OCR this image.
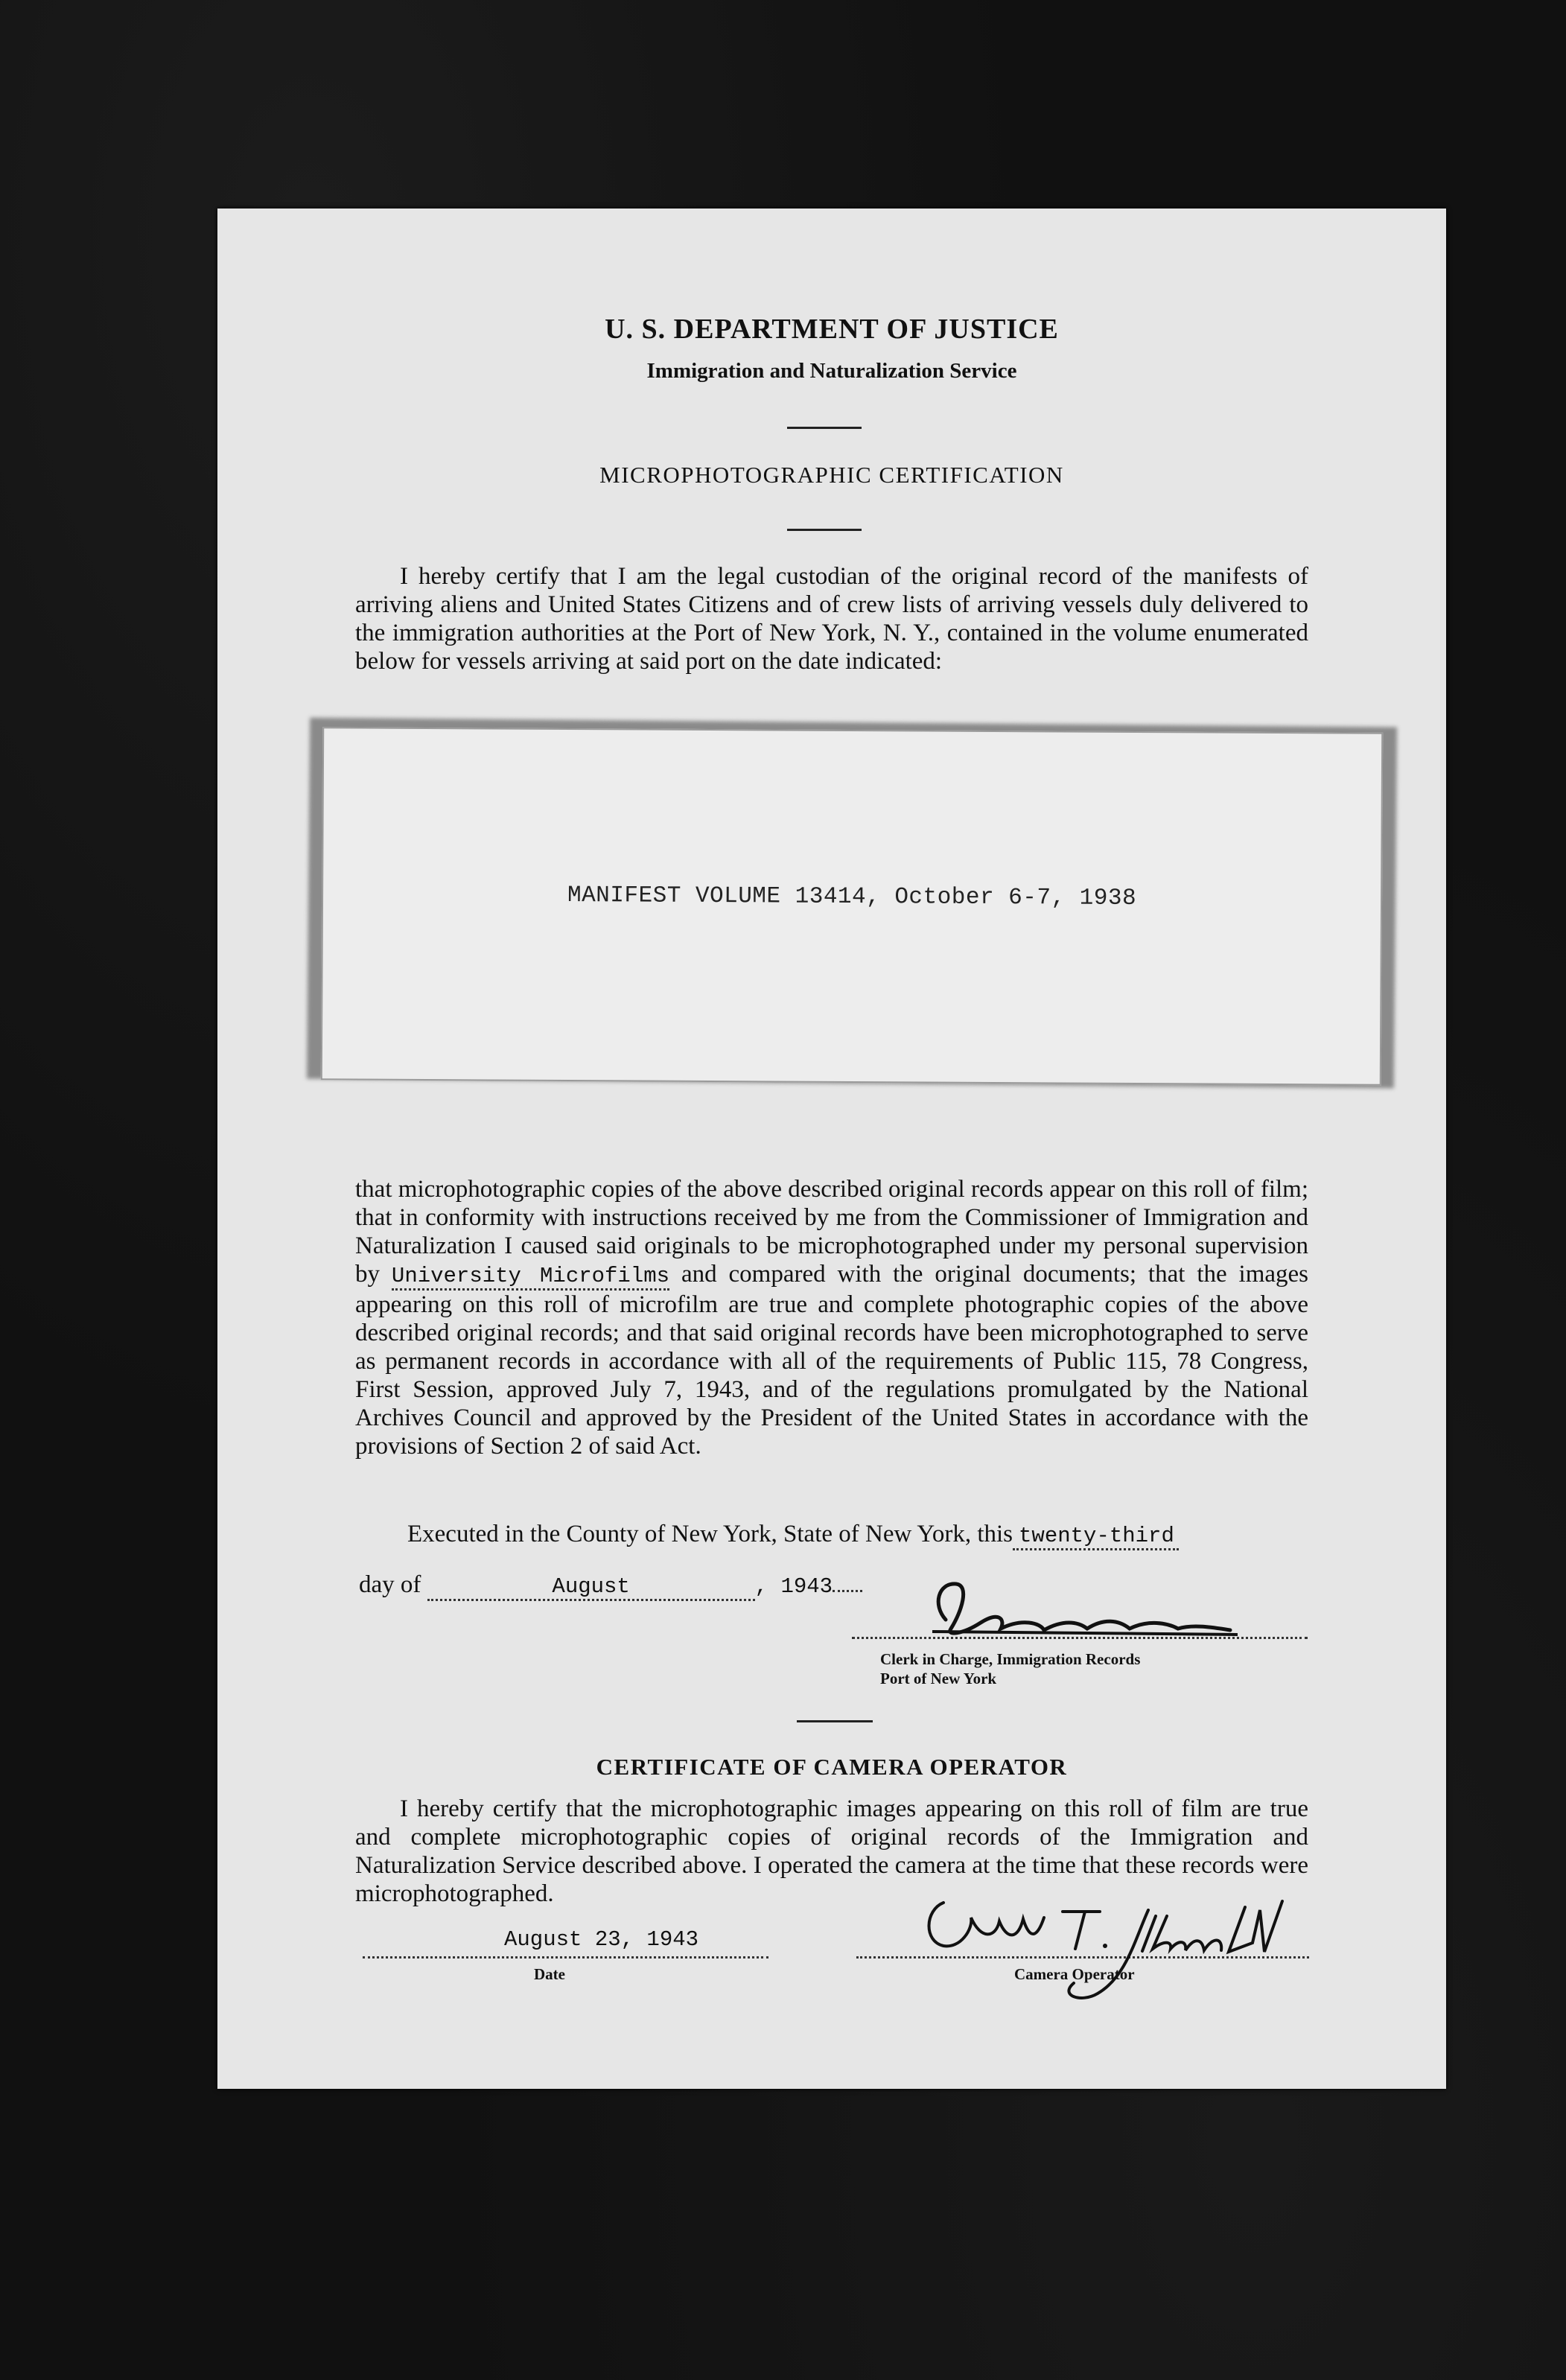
U. S. DEPARTMENT OF JUSTICE
Immigration and Naturalization Service
MICROPHOTOGRAPHIC CERTIFICATION

I hereby certify that I am the legal custodian of the original record of the manifests of arriving aliens and United States Citizens and of crew lists of arriving vessels duly delivered to the immigration authorities at the Port of New York, N. Y., contained in the volume enumerated below for vessels arriving at said port on the date indicated:

MANIFEST VOLUME 13414, October 6-7, 1938

that microphotographic copies of the above described original records appear on this roll of film; that in conformity with instructions received by me from the Commissioner of Immigration and Naturalization I caused said originals to be microphotographed under my personal supervision by University Microfilms and compared with the original documents; that the images appearing on this roll of microfilm are true and complete photographic copies of the above described original records; and that said original records have been microphotographed to serve as permanent records in accordance with all of the requirements of Public 115, 78 Congress, First Session, approved July 7, 1943, and of the regulations promulgated by the National Archives Council and approved by the President of the United States in accordance with the provisions of Section 2 of said Act.

Executed in the County of New York, State of New York, this twenty-third
day of	August	, 1943
Clerk in Charge, Immigration Records
Port of New York
CERTIFICATE OF CAMERA OPERATOR

I hereby certify that the microphotographic images appearing on this roll of film are true and complete microphotographic copies of original records of the Immigration and Naturalization Service described above. I operated the camera at the time that these records were microphotographed.

August 23, 1943
Date	Camera Operator
